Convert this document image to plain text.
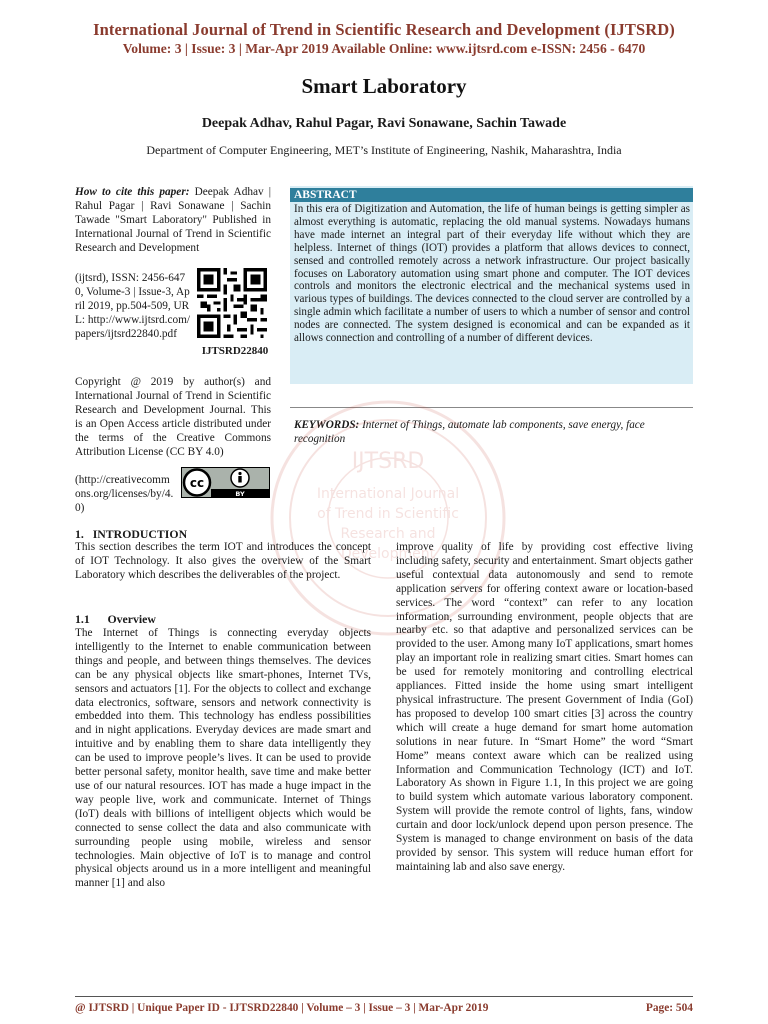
International Journal of Trend in Scientific Research and Development (IJTSRD)
Volume: 3 | Issue: 3 | Mar-Apr 2019 Available Online: www.ijtsrd.com e-ISSN: 2456 - 6470
Smart Laboratory
Deepak Adhav, Rahul Pagar, Ravi Sonawane, Sachin Tawade
Department of Computer Engineering, MET’s Institute of Engineering, Nashik, Maharashtra, India
How to cite this paper: Deepak Adhav | Rahul Pagar | Ravi Sonawane | Sachin Tawade "Smart Laboratory" Published in International Journal of Trend in Scientific Research and Development
(ijtsrd), ISSN: 2456-6470, Volume-3 | Issue-3, April 2019, pp.504-509, URL: http://www.ijtsrd.com/papers/ijtsrd22840.pdf
IJTSRD22840
Copyright @ 2019 by author(s) and International Journal of Trend in Scientific Research and Development Journal. This is an Open Access article distributed under the terms of the Creative Commons Attribution License (CC BY 4.0)
(http://creativecommons.org/licenses/by/4.0)
cc
BY
ABSTRACT
In this era of Digitization and Automation, the life of human beings is getting simpler as almost everything is automatic, replacing the old manual systems. Nowadays humans have made internet an integral part of their everyday life without which they are helpless. Internet of things (IOT) provides a platform that allows devices to connect, sensed and controlled remotely across a network infrastructure. Our project basically focuses on Laboratory automation using smart phone and computer. The IOT devices controls and monitors the electronic electrical and the mechanical systems used in various types of buildings. The devices connected to the cloud server are controlled by a single admin which facilitate a number of users to which a number of sensor and control nodes are connected. The system designed is economical and can be expanded as it allows connection and controlling of a number of different devices.
KEYWORDS: Internet of Things, automate lab components, save energy, face recognition
IJTSRD
International Journal
of Trend in Scientific
Research and
Development
1.   INTRODUCTION
This section describes the term IOT and introduces the concept of IOT Technology. It also gives the overview of the Smart Laboratory which describes the deliverables of the project.
1.1      Overview
The Internet of Things is connecting everyday objects intelligently to the Internet to enable communication between things and people, and between things themselves. The devices can be any physical objects like smart-phones, Internet TVs, sensors and actuators [1]. For the objects to collect and exchange data electronics, software, sensors and network connectivity is embedded into them. This technology has endless possibilities and in night applications. Everyday devices are made smart and intuitive and by enabling them to share data intelligently they can be used to improve people’s lives. It can be used to provide better personal safety, monitor health, save time and make better use of our natural resources. IOT has made a huge impact in the way people live, work and communicate. Internet of Things (IoT) deals with billions of intelligent objects which would be connected to sense collect the data and also communicate with surrounding people using mobile, wireless and sensor technologies. Main objective of IoT is to manage and control physical objects around us in a more intelligent and meaningful manner [1] and also
improve quality of life by providing cost effective living including safety, security and entertainment. Smart objects gather useful contextual data autonomously and send to remote application servers for offering context aware or location-based services. The word “context” can refer to any location information, surrounding environment, people objects that are nearby etc. so that adaptive and personalized services can be provided to the user. Among many IoT applications, smart homes play an important role in realizing smart cities. Smart homes can be used for remotely monitoring and controlling electrical appliances. Fitted inside the home using smart intelligent physical infrastructure. The present Government of India (GoI) has proposed to develop 100 smart cities [3] across the country which will create a huge demand for smart home automation solutions in near future. In “Smart Home” the word “Smart Home” means context aware which can be realized using Information and Communication Technology (ICT) and IoT. Laboratory As shown in Figure 1.1, In this project we are going to build system which automate various laboratory component. System will provide the remote control of lights, fans, window curtain and door lock/unlock depend upon person presence. The System is managed to change environment on basis of the data provided by sensor. This system will reduce human effort for maintaining lab and also save energy.
@ IJTSRD | Unique Paper ID - IJTSRD22840 | Volume – 3 | Issue – 3 | Mar-Apr 2019	Page: 504
